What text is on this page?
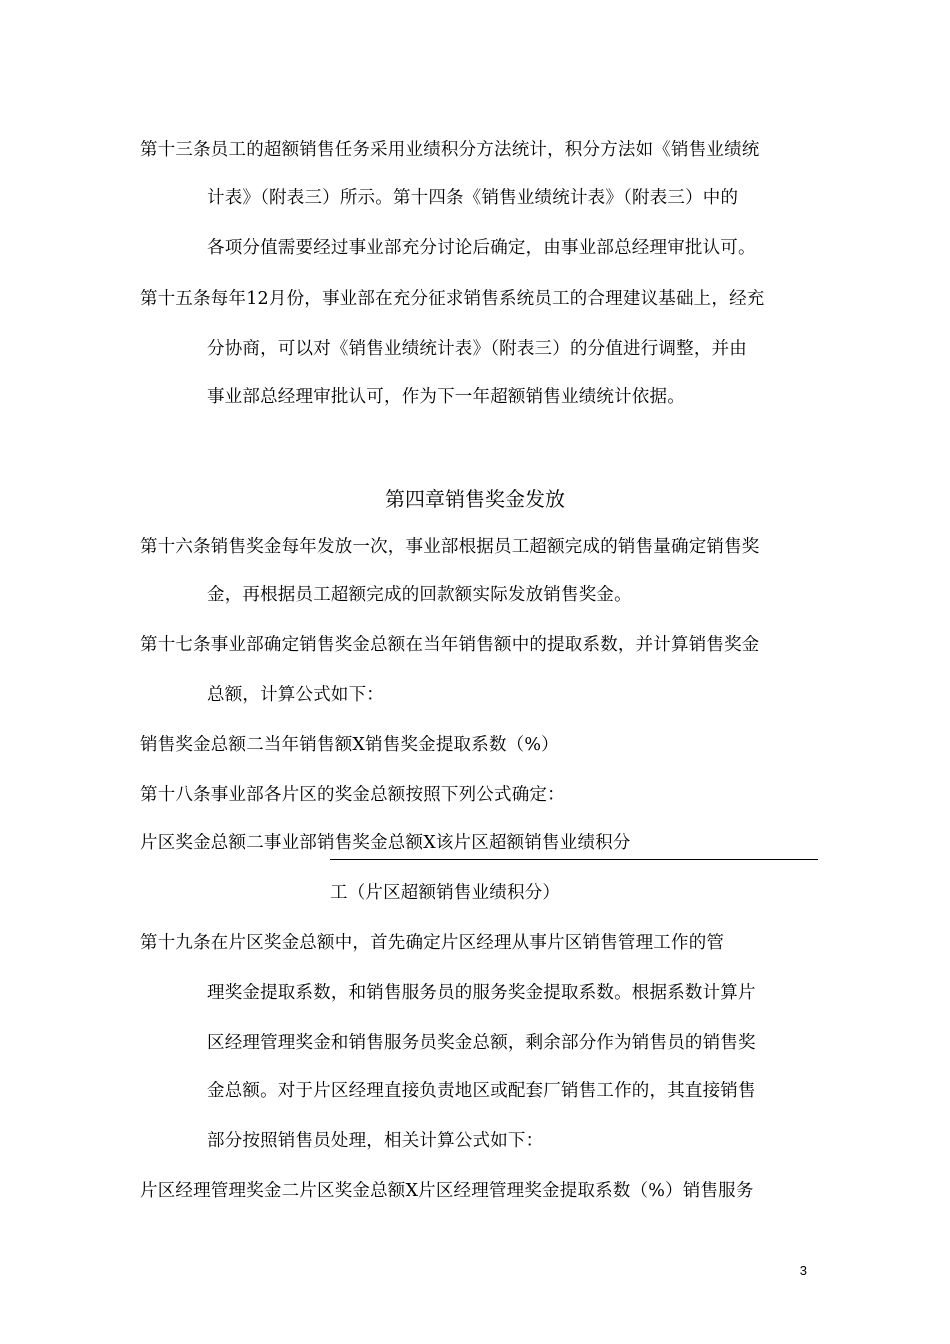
第十三条员工的超额销售任务采用业绩积分方法统计，积分方法如《销售业绩统
计表》（附表三）所示。第十四条《销售业绩统计表》（附表三）中的
各项分值需要经过事业部充分讨论后确定，由事业部总经理审批认可。
第十五条每年12月份，事业部在充分征求销售系统员工的合理建议基础上，经充
分协商，可以对《销售业绩统计表》（附表三）的分值进行调整，并由
事业部总经理审批认可，作为下一年超额销售业绩统计依据。
第四章销售奖金发放
第十六条销售奖金每年发放一次，事业部根据员工超额完成的销售量确定销售奖
金，再根据员工超额完成的回款额实际发放销售奖金。
第十七条事业部确定销售奖金总额在当年销售额中的提取系数，并计算销售奖金
总额，计算公式如下：
销售奖金总额二当年销售额X销售奖金提取系数（%）
第十八条事业部各片区的奖金总额按照下列公式确定：
片区奖金总额二事业部销售奖金总额X该片区超额销售业绩积分
工（片区超额销售业绩积分）
第十九条在片区奖金总额中，首先确定片区经理从事片区销售管理工作的管
理奖金提取系数，和销售服务员的服务奖金提取系数。根据系数计算片
区经理管理奖金和销售服务员奖金总额，剩余部分作为销售员的销售奖
金总额。对于片区经理直接负责地区或配套厂销售工作的，其直接销售
部分按照销售员处理，相关计算公式如下：
片区经理管理奖金二片区奖金总额X片区经理管理奖金提取系数（%）销售服务
3
